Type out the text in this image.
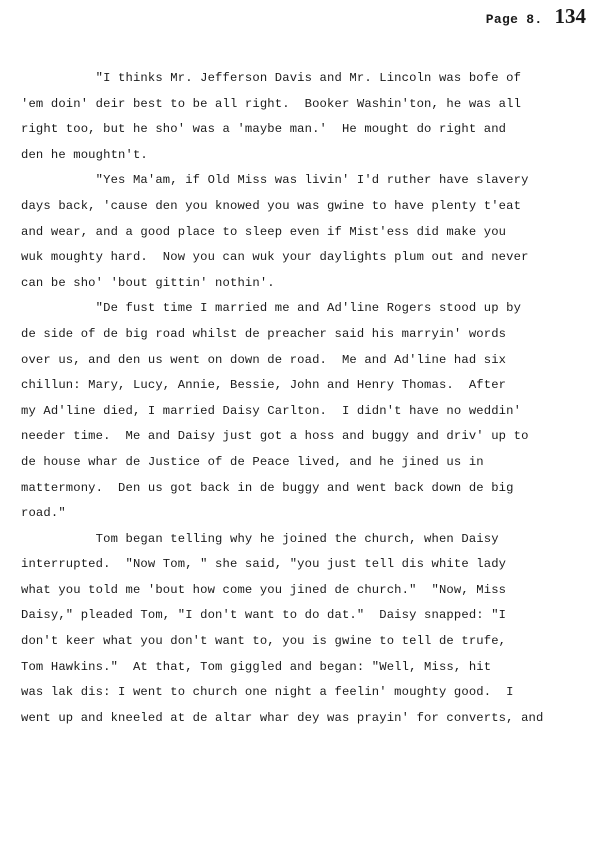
Page 8. 134
"I thinks Mr. Jefferson Davis and Mr. Lincoln was bofe of
'em doin' deir best to be all right.  Booker Washin'ton, he was all
right too, but he sho' was a 'maybe man.'  He mought do right and
den he moughtn't.
"Yes Ma'am, if Old Miss was livin' I'd ruther have slavery
days back, 'cause den you knowed you was gwine to have plenty t'eat
and wear, and a good place to sleep even if Mist'ess did make you
wuk moughty hard.  Now you can wuk your daylights plum out and never
can be sho' 'bout gittin' nothin'.
"De fust time I married me and Ad'line Rogers stood up by
de side of de big road whilst de preacher said his marryin' words
over us, and den us went on down de road.  Me and Ad'line had six
chillun: Mary, Lucy, Annie, Bessie, John and Henry Thomas.  After
my Ad'line died, I married Daisy Carlton.  I didn't have no weddin'
needer time.  Me and Daisy just got a hoss and buggy and driv' up to
de house whar de Justice of de Peace lived, and he jined us in
mattermony.  Den us got back in de buggy and went back down de big
road."
Tom began telling why he joined the church, when Daisy
interrupted.  "Now Tom, " she said, "you just tell dis white lady
what you told me 'bout how come you jined de church."  "Now, Miss
Daisy," pleaded Tom, "I don't want to do dat."  Daisy snapped: "I
don't keer what you don't want to, you is gwine to tell de trufe,
Tom Hawkins."  At that, Tom giggled and began: "Well, Miss, hit
was lak dis: I went to church one night a feelin' moughty good.  I
went up and kneeled at de altar whar dey was prayin' for converts, and
